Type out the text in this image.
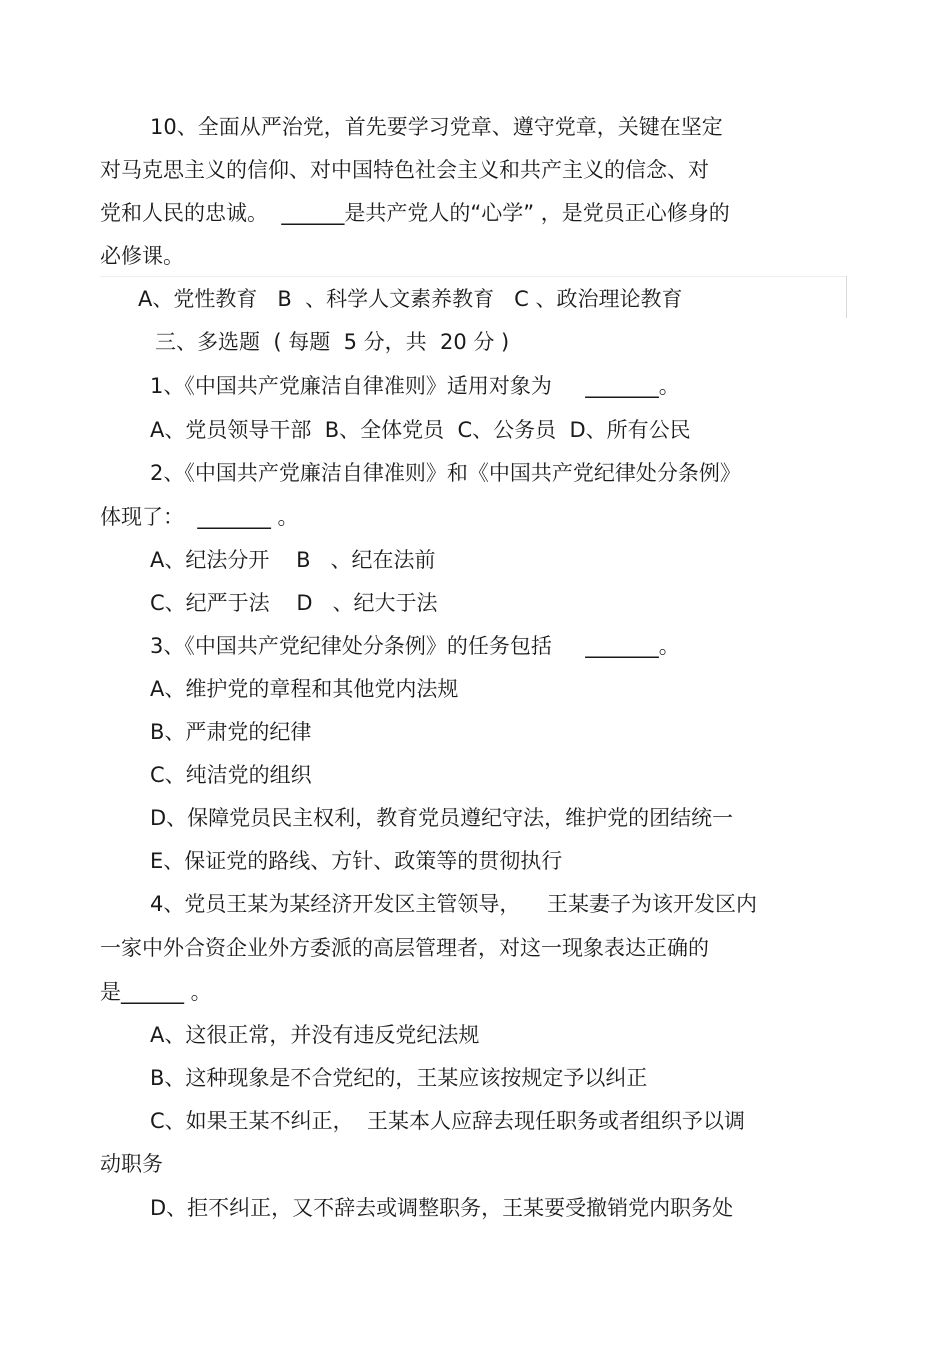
10、全面从严治党，首先要学习党章、遵守党章，关键在坚定
对马克思主义的信仰、对中国特色社会主义和共产主义的信念、对
党和人民的忠诚。  ______是共产党人的“心学” ，是党员正心修身的
必修课。
A、党性教育   B  、科学人文素养教育   C 、政治理论教育
三、多选题  ( 每题  5 分，共  20 分 )
1、《中国共产党廉洁自律准则》适用对象为     _______。
A、党员领导干部  B、全体党员  C、公务员  D、所有公民
2、《中国共产党廉洁自律准则》和《中国共产党纪律处分条例》
体现了：  _______ 。
A、纪法分开    B   、纪在法前
C、纪严于法    D   、纪大于法
3、《中国共产党纪律处分条例》的任务包括     _______。
A、维护党的章程和其他党内法规
B、严肃党的纪律
C、纯洁党的组织
D、保障党员民主权利，教育党员遵纪守法，维护党的团结统一
E、保证党的路线、方针、政策等的贯彻执行
4、党员王某为某经济开发区主管领导，    王某妻子为该开发区内
一家中外合资企业外方委派的高层管理者，对这一现象表达正确的
是______ 。
A、这很正常，并没有违反党纪法规
B、这种现象是不合党纪的，王某应该按规定予以纠正
C、如果王某不纠正，  王某本人应辞去现任职务或者组织予以调
动职务
D、拒不纠正，又不辞去或调整职务，王某要受撤销党内职务处
